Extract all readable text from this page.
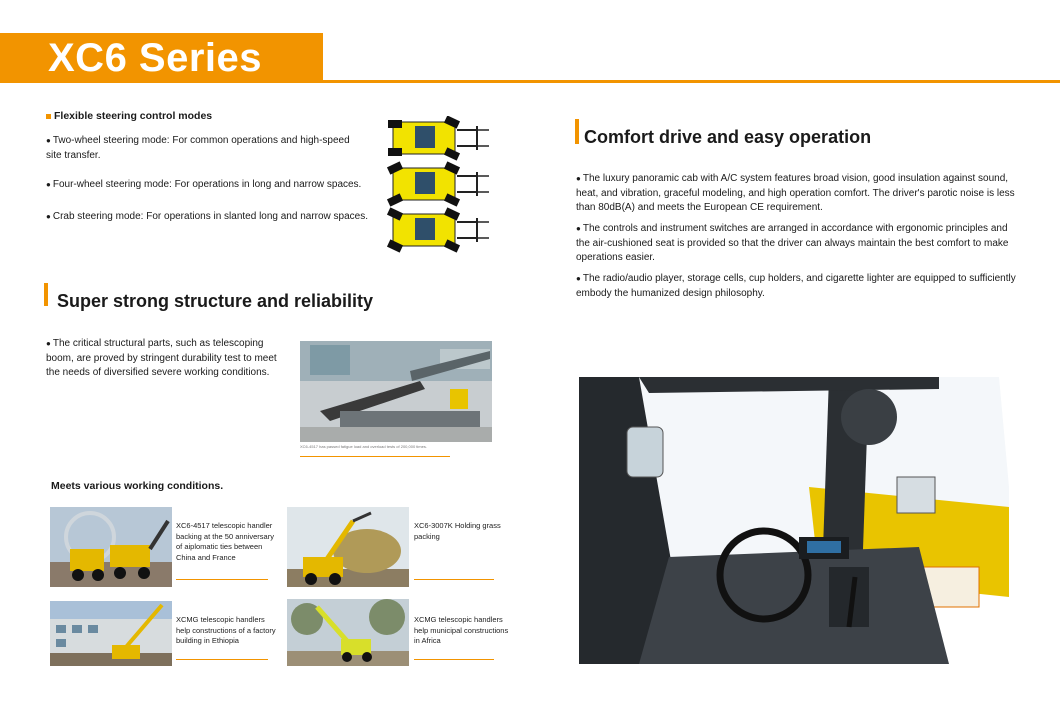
XC6 Series
Flexible steering control modes
● Two-wheel steering mode: For common operations and high-speed site transfer.
● Four-wheel steering mode: For operations in long and narrow spaces.
● Crab steering mode: For operations in slanted long and narrow spaces.
Super strong structure and reliability
● The critical structural parts, such as telescoping boom, are proved by stringent durability test to meet the needs of diversified severe working conditions.
XC6-4517 has passed fatigue load and overload tests of 200,000 times.
Meets various working conditions.
XC6-4517 telescopic handler backing at the 50 anniversary of aiplomatic ties between China and France
XC6-3007K Holding grass packing
XCMG telescopic handlers help constructions of a factory building in Ethiopia
XCMG telescopic handlers help municipal constructions in Africa
Comfort drive and easy operation
● The luxury panoramic cab with A/C system features broad vision, good insulation against sound, heat, and vibration, graceful modeling, and high operation comfort. The driver's parotic noise is less than 80dB(A) and meets the European CE requirement.
● The controls and instrument switches are arranged in accordance with ergonomic principles and the air-cushioned seat is provided so that the driver can always maintain the best comfort to make operations easier.
● The radio/audio player, storage cells, cup holders, and cigarette lighter are equipped to sufficiently embody the humanized design philosophy.
